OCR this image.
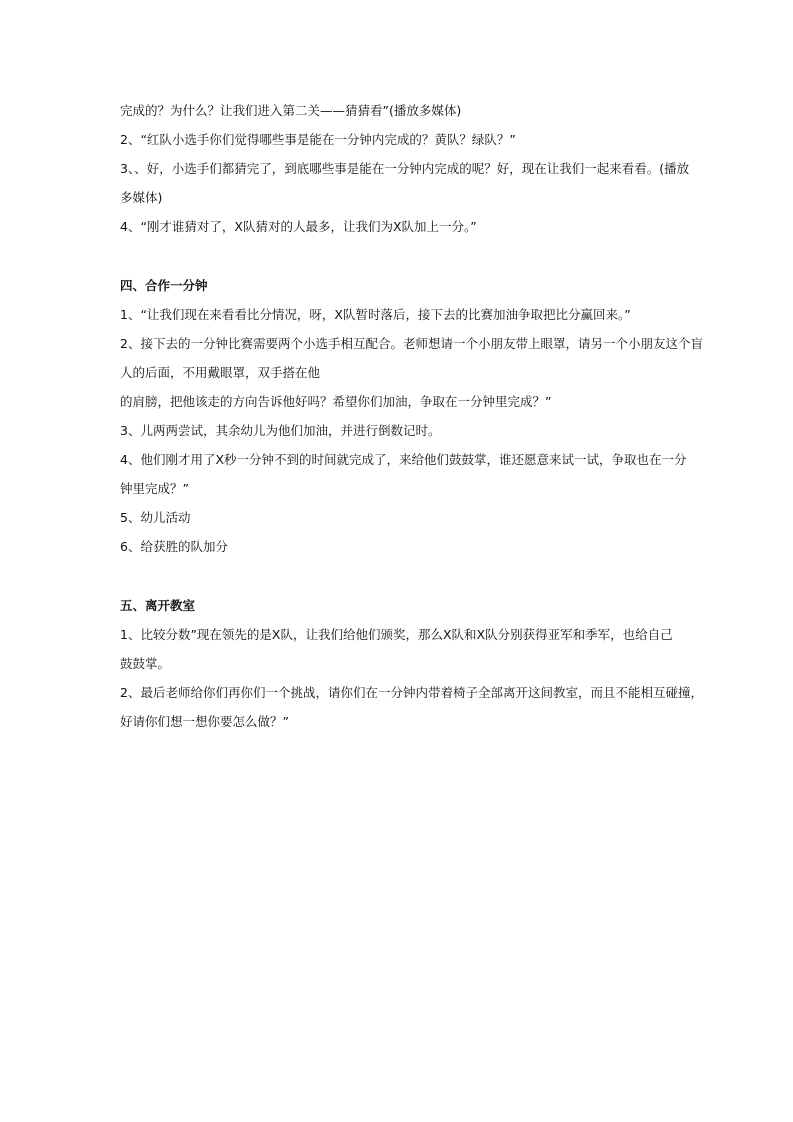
完成的？为什么？让我们进入第二关——猜猜看”(播放多媒体)
2、“红队小选手你们觉得哪些事是能在一分钟内完成的？黄队？绿队？”
3、、好，小选手们都猜完了，到底哪些事是能在一分钟内完成的呢？好，现在让我们一起来看看。(播放
多媒体)
4、“刚才谁猜对了，X队猜对的人最多，让我们为X队加上一分。”
四、合作一分钟
1、“让我们现在来看看比分情况，呀，X队暂时落后，接下去的比赛加油争取把比分赢回来。”
2、接下去的一分钟比赛需要两个小选手相互配合。老师想请一个小朋友带上眼罩，请另一个小朋友这个盲
人的后面，不用戴眼罩，双手搭在他
的肩膀，把他该走的方向告诉他好吗？希望你们加油，争取在一分钟里完成？”
3、儿两两尝试，其余幼儿为他们加油，并进行倒数记时。
4、他们刚才用了X秒一分钟不到的时间就完成了，来给他们鼓鼓掌，谁还愿意来试一试，争取也在一分
钟里完成？”
5、幼儿活动
6、给获胜的队加分
五、离开教室
1、比较分数”现在领先的是X队，让我们给他们颁奖，那么X队和X队分别获得亚军和季军，也给自己
鼓鼓掌。
2、最后老师给你们再你们一个挑战，请你们在一分钟内带着椅子全部离开这间教室，而且不能相互碰撞，
好请你们想一想你要怎么做？”
